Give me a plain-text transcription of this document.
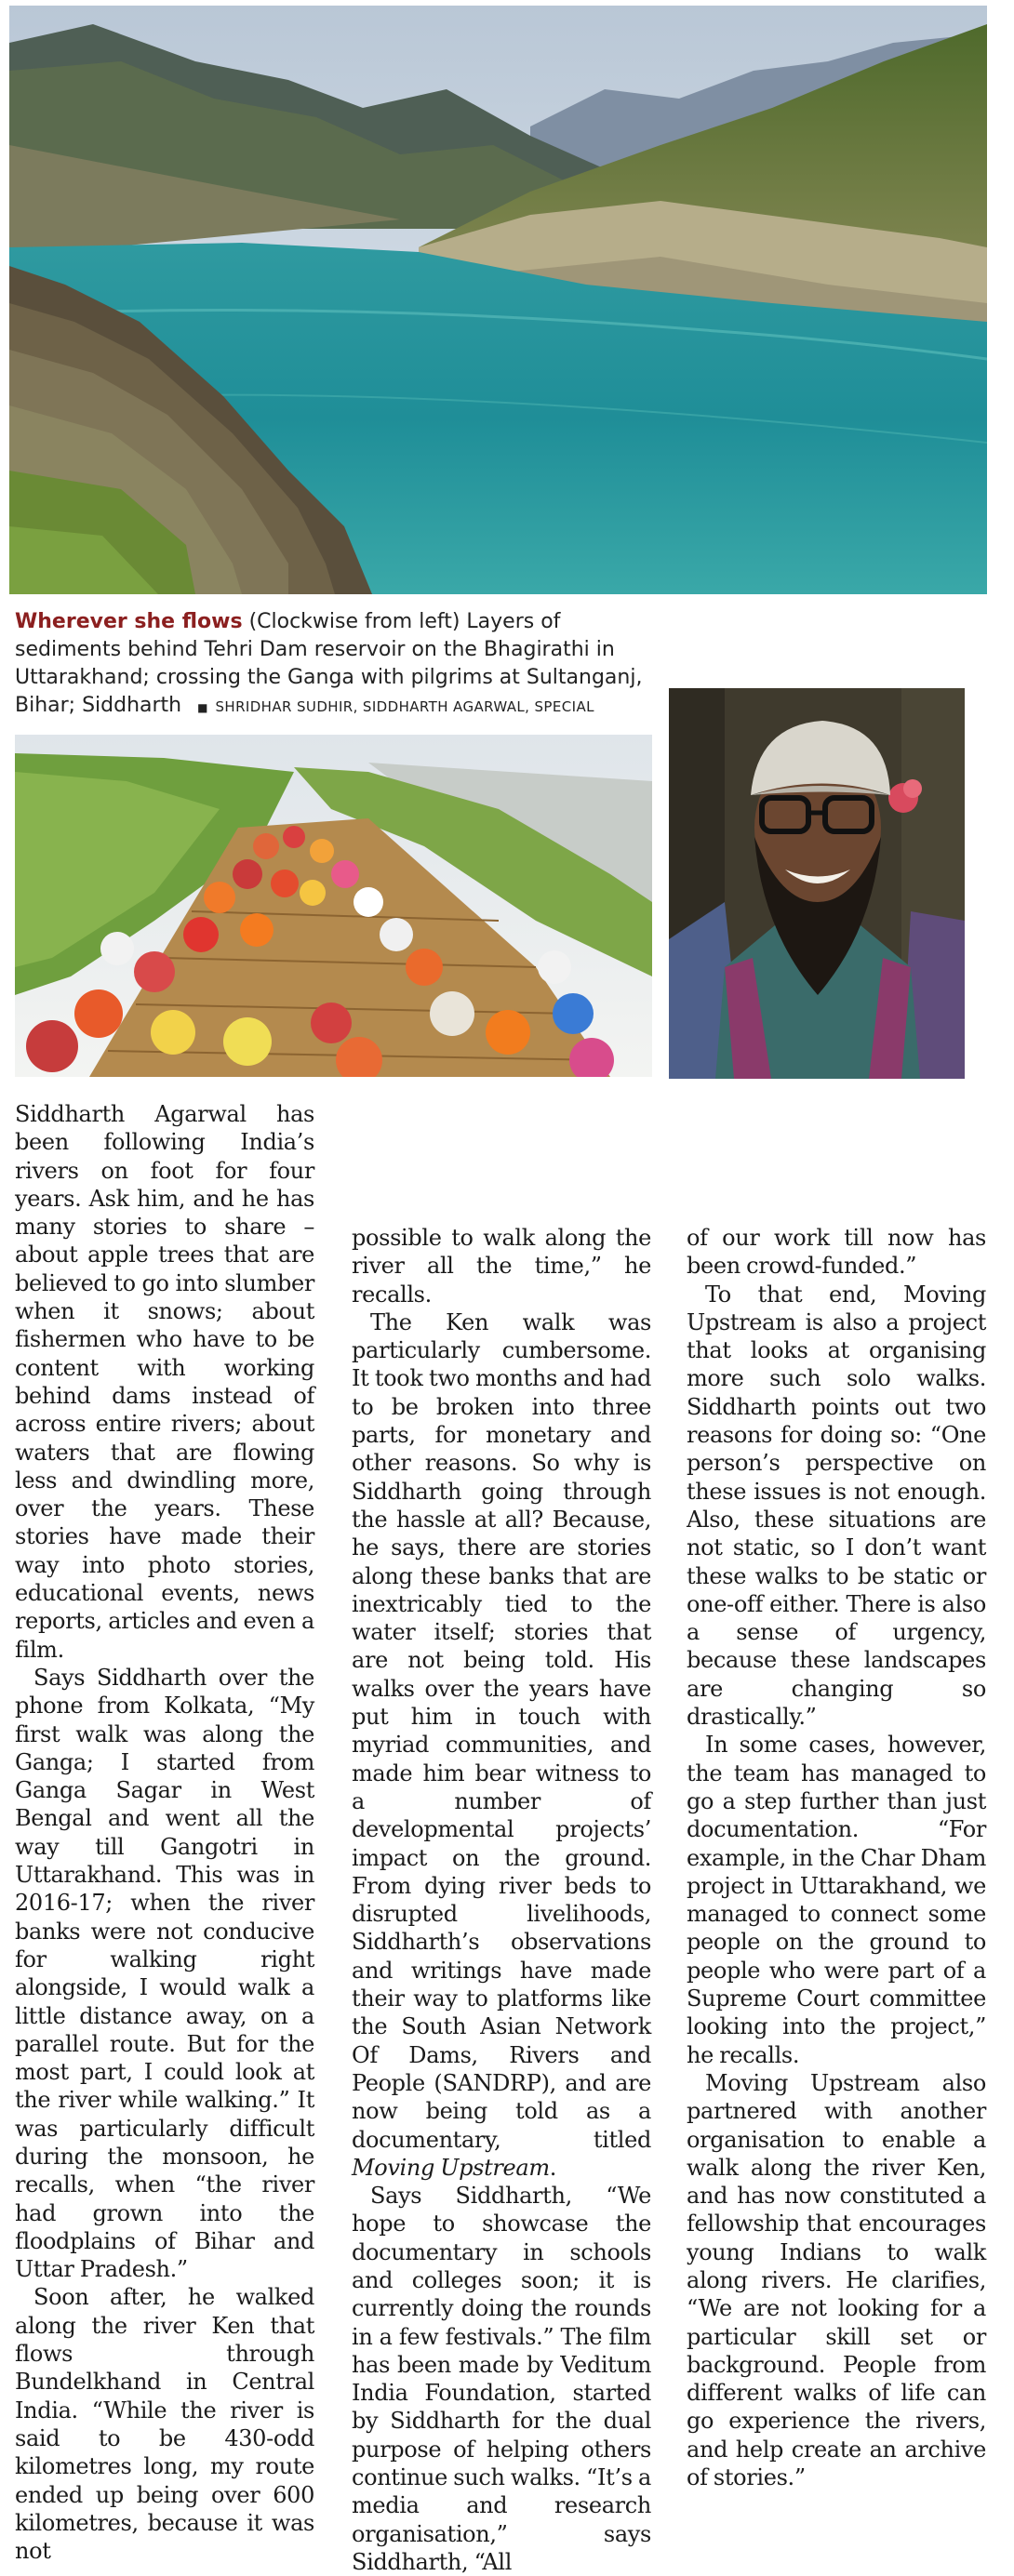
Wherever she flows (Clockwise from left) Layers of sediments behind Tehri Dam reservoir on the Bhagirathi in Uttarakhand; crossing the Ganga with pilgrims at Sultanganj, Bihar; Siddharth ■ SHRIDHAR SUDHIR, SIDDHARTH AGARWAL, SPECIAL

Siddharth Agarwal has been following India’s rivers on foot for four years. Ask him, and he has many stories to share – about apple trees that are believed to go into slumber when it snows; about fishermen who have to be content with working behind dams instead of across entire rivers; about waters that are flowing less and dwindling more, over the years. These stories have made their way into photo stories, educational events, news reports, articles and even a film.

Says Siddharth over the phone from Kolkata, “My first walk was along the Ganga; I started from Ganga Sagar in West Bengal and went all the way till Gangotri in Uttarakhand. This was in 2016-17; when the river banks were not conducive for walking right alongside, I would walk a little distance away, on a parallel route. But for the most part, I could look at the river while walking.” It was particularly difficult during the monsoon, he recalls, when “the river had grown into the floodplains of Bihar and Uttar Pradesh.”

Soon after, he walked along the river Ken that flows through Bundelkhand in Central India. “While the river is said to be 430-odd kilometres long, my route ended up being over 600 kilometres, because it was not

possible to walk along the river all the time,” he recalls.

The Ken walk was particularly cumbersome. It took two months and had to be broken into three parts, for monetary and other reasons. So why is Siddharth going through the hassle at all? Because, he says, there are stories along these banks that are inextricably tied to the water itself; stories that are not being told. His walks over the years have put him in touch with myriad communities, and made him bear witness to a number of developmental projects’ impact on the ground. From dying river beds to disrupted livelihoods, Siddharth’s observations and writings have made their way to platforms like the South Asian Network Of Dams, Rivers and People (SANDRP), and are now being told as a documentary, titled Moving Upstream.

Says Siddharth, “We hope to showcase the documentary in schools and colleges soon; it is currently doing the rounds in a few festivals.” The film has been made by Veditum India Foundation, started by Siddharth for the dual purpose of helping others continue such walks. “It’s a media and research organisation,” says Siddharth, “All

of our work till now has been crowd-funded.”

To that end, Moving Upstream is also a project that looks at organising more such solo walks. Siddharth points out two reasons for doing so: “One person’s perspective on these issues is not enough. Also, these situations are not static, so I don’t want these walks to be static or one-off either. There is also a sense of urgency, because these landscapes are changing so drastically.”

In some cases, however, the team has managed to go a step further than just documentation. “For example, in the Char Dham project in Uttarakhand, we managed to connect some people on the ground to people who were part of a Supreme Court committee looking into the project,” he recalls.

Moving Upstream also partnered with another organisation to enable a walk along the river Ken, and has now constituted a fellowship that encourages young Indians to walk along rivers. He clarifies, “We are not looking for a particular skill set or background. People from different walks of life can go experience the rivers, and help create an archive of stories.”
